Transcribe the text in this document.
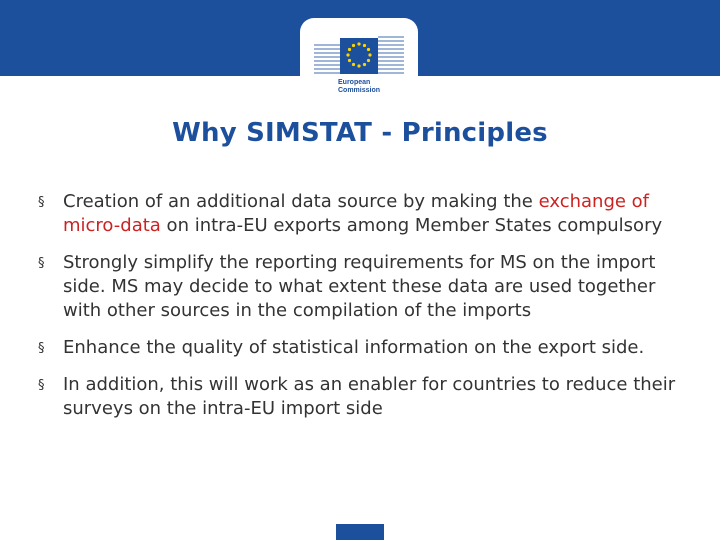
European
Commission
Why SIMSTAT - Principles
§ Creation of an additional data source by making the exchange of micro-data on intra-EU exports among Member States compulsory
§ Strongly simplify the reporting requirements for MS on the import side. MS may decide to what extent these data are used together with other sources in the compilation of the imports
§ Enhance the quality of statistical information on the export side.
§ In addition, this will work as an enabler for countries to reduce their surveys on the intra-EU import side
